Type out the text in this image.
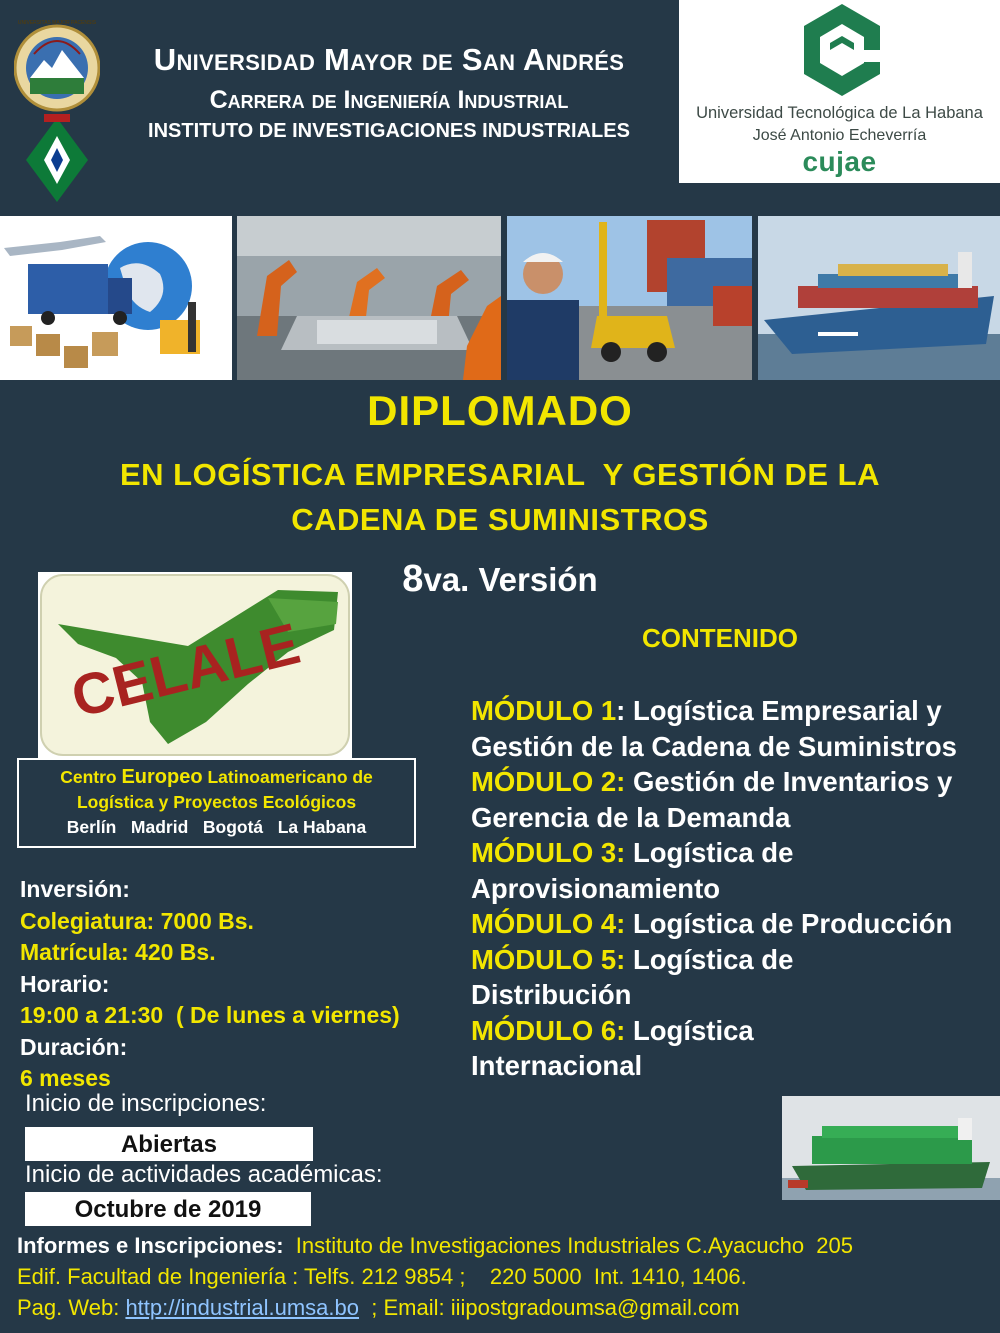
UNIVERSITAS MAJOR PACENSIS
Universidad Mayor de San Andrés
Carrera de Ingeniería Industrial
INSTITUTO DE INVESTIGACIONES INDUSTRIALES
Universidad Tecnológica de La Habana
José Antonio Echeverría
cujae
DIPLOMADO
EN LOGÍSTICA EMPRESARIAL  Y GESTIÓN DE LA
CADENA DE SUMINISTROS
8va. Versión
CELALE
Centro Europeo Latinoamericano de
Logística y Proyectos Ecológicos
Berlín   Madrid   Bogotá   La Habana
Inversión:
Colegiatura: 7000 Bs.
Matrícula: 420 Bs.
Horario:
19:00 a 21:30  ( De lunes a viernes)
Duración:
6 meses
Inicio de inscripciones:
Abiertas
Inicio de actividades académicas:
Octubre de 2019
CONTENIDO
MÓDULO 1: Logística Empresarial y Gestión de la Cadena de Suministros
MÓDULO 2: Gestión de Inventarios y Gerencia de la Demanda
MÓDULO 3: Logística de Aprovisionamiento
MÓDULO 4: Logística de Producción
MÓDULO 5: Logística de Distribución
MÓDULO 6: Logística Internacional
Informes e Inscripciones:  Instituto de Investigaciones Industriales C.Ayacucho  205
Edif. Facultad de Ingeniería : Telfs. 212 9854 ;    220 5000  Int. 1410, 1406.
Pag. Web: http://industrial.umsa.bo  ; Email: iiipostgradoumsa@gmail.com
